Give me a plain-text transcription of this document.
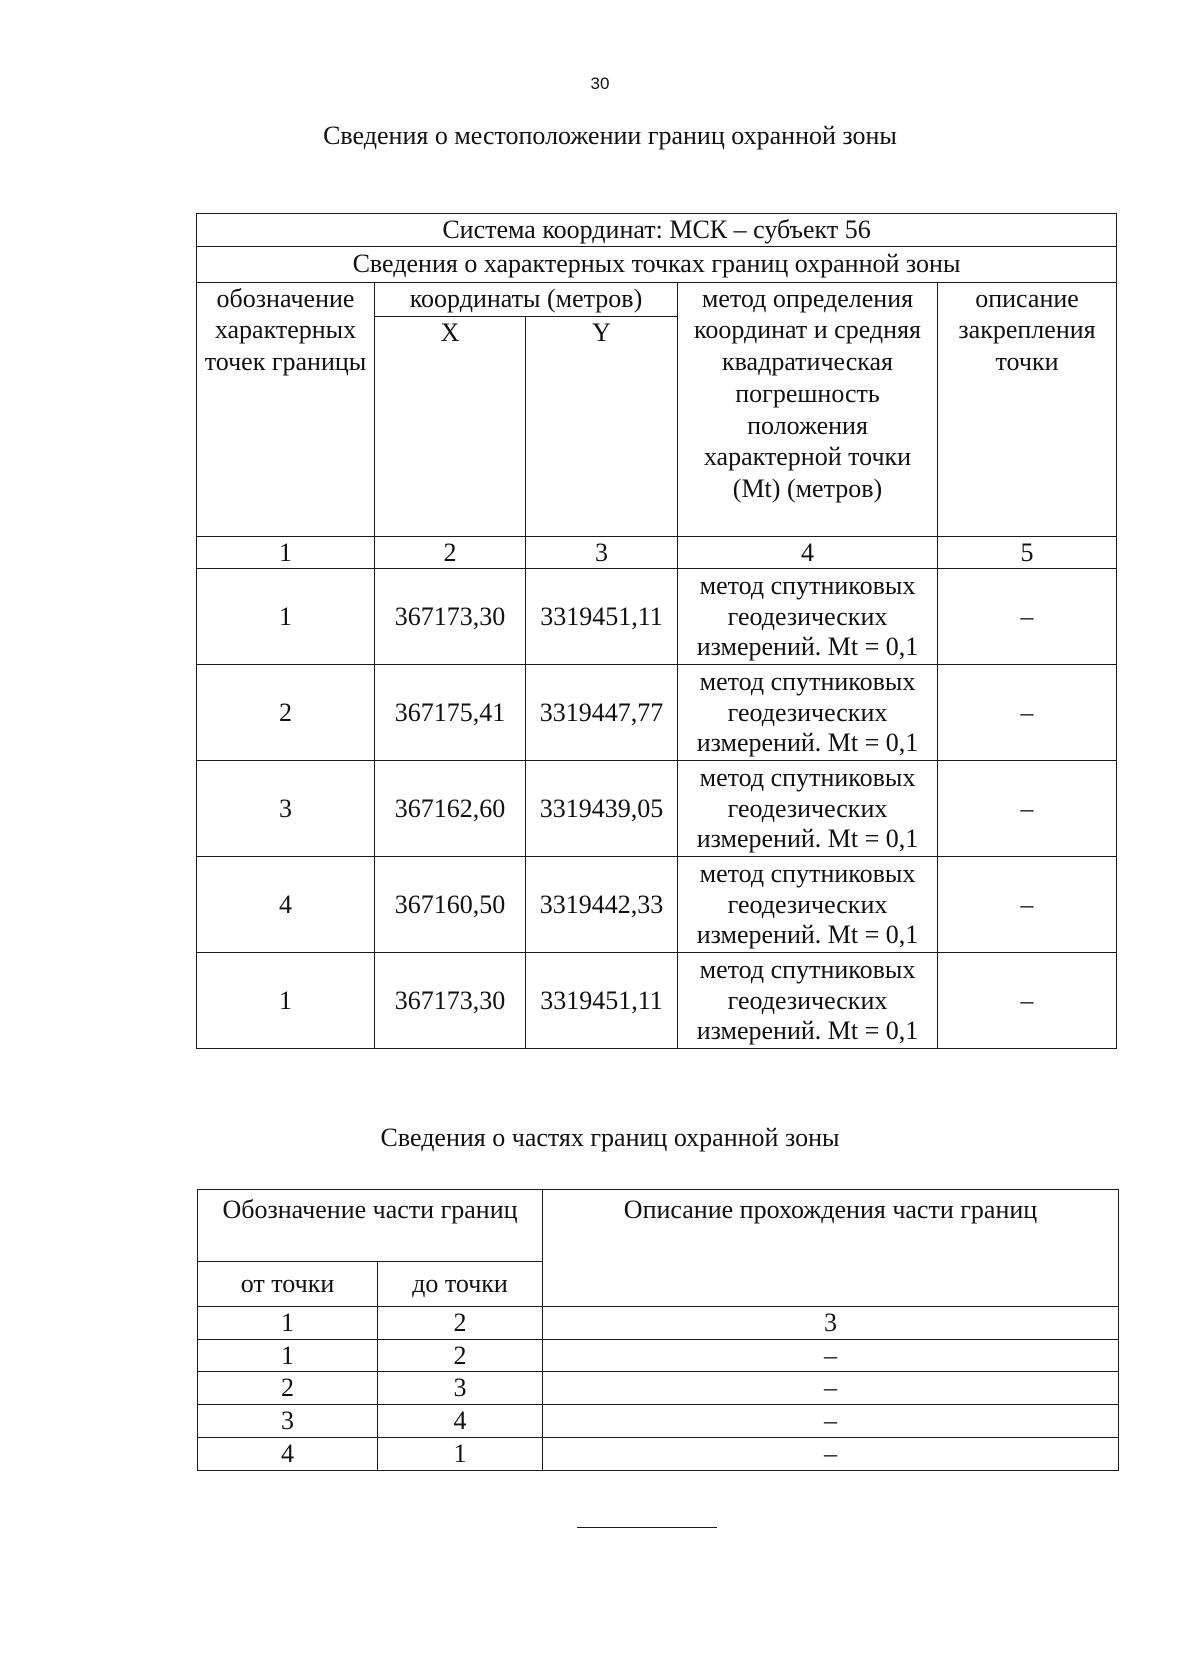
30
Сведения о местоположении границ охранной зоны
Система координат: МСК – субъект 56				
Сведения о характерных точках границ охранной зоны				
обозначение характерных точек границы	координаты (метров)		метод определения координат и средняя квадратическая погрешность положения характерной точки (Mt) (метров)	описание закрепления точки
	X	Y		
1	2	3	4	5
1	367173,30	3319451,11	метод спутниковых геодезических измерений. Mt = 0,1	–
2	367175,41	3319447,77	метод спутниковых геодезических измерений. Mt = 0,1	–
3	367162,60	3319439,05	метод спутниковых геодезических измерений. Mt = 0,1	–
4	367160,50	3319442,33	метод спутниковых геодезических измерений. Mt = 0,1	–
1	367173,30	3319451,11	метод спутниковых геодезических измерений. Mt = 0,1	–
Сведения о частях границ охранной зоны
Обозначение части границ		Описание прохождения части границ
от точки	до точки	
1	2	3
1	2	–
2	3	–
3	4	–
4	1	–
